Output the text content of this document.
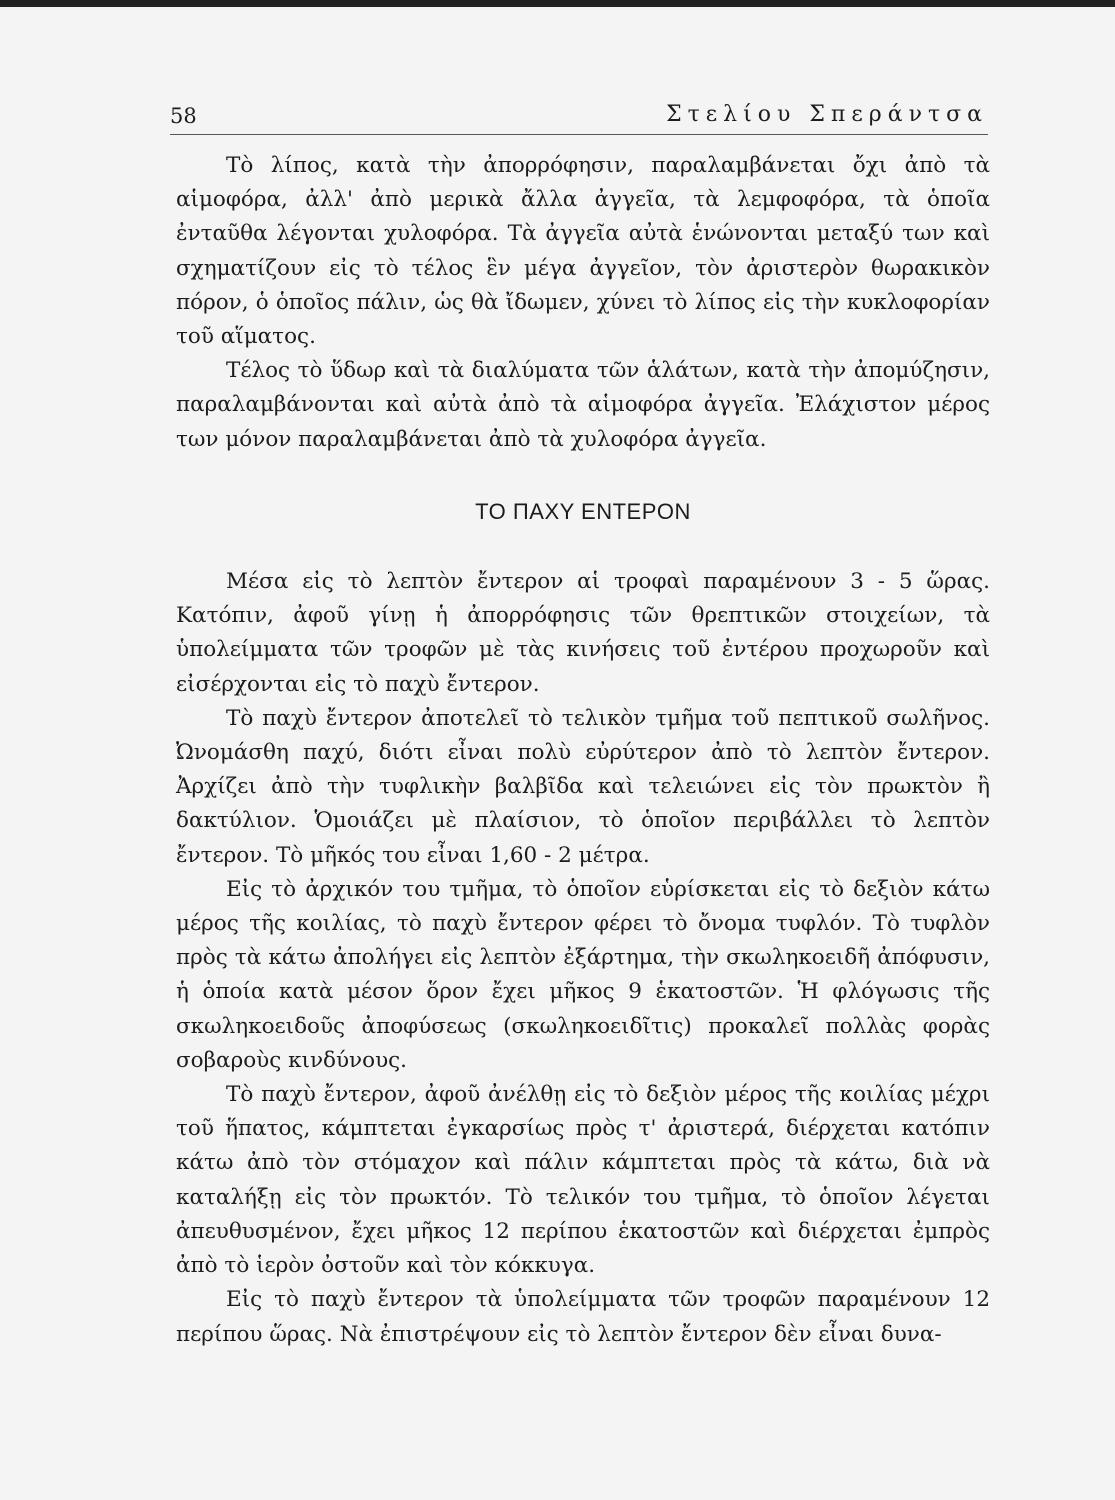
58	Στελίου Σπεράντσα

Τὸ λίπος, κατὰ τὴν ἀπορρόφησιν, παραλαμβάνεται ὄχι ἀπὸ τὰ αἱμοφόρα, ἀλλ' ἀπὸ μερικὰ ἄλλα ἀγγεῖα, τὰ λεμφοφόρα, τὰ ὁποῖα ἐνταῦθα λέγονται χυλοφόρα. Τὰ ἀγγεῖα αὐτὰ ἑνώνονται μεταξύ των καὶ σχηματίζουν εἰς τὸ τέλος ἓν μέγα ἀγγεῖον, τὸν ἀριστερὸν θωρακικὸν πόρον, ὁ ὁποῖος πάλιν, ὡς θὰ ἴδωμεν, χύνει τὸ λίπος εἰς τὴν κυκλοφορίαν τοῦ αἵματος.

Τέλος τὸ ὕδωρ καὶ τὰ διαλύματα τῶν ἁλάτων, κατὰ τὴν ἀπομύζησιν, παραλαμβάνονται καὶ αὐτὰ ἀπὸ τὰ αἱμοφόρα ἀγγεῖα. Ἐλάχιστον μέρος των μόνον παραλαμβάνεται ἀπὸ τὰ χυλοφόρα ἀγγεῖα.

ΤΟ ΠΑΧΥ ΕΝΤΕΡΟΝ

Μέσα εἰς τὸ λεπτὸν ἔντερον αἱ τροφαὶ παραμένουν 3 - 5 ὥρας. Κατόπιν, ἀφοῦ γίνῃ ἡ ἀπορρόφησις τῶν θρεπτικῶν στοιχείων, τὰ ὑπολείμματα τῶν τροφῶν μὲ τὰς κινήσεις τοῦ ἐντέρου προχωροῦν καὶ εἰσέρχονται εἰς τὸ παχὺ ἔντερον.

Τὸ παχὺ ἔντερον ἀποτελεῖ τὸ τελικὸν τμῆμα τοῦ πεπτικοῦ σωλῆνος. Ὠνομάσθη παχύ, διότι εἶναι πολὺ εὐρύτερον ἀπὸ τὸ λεπτὸν ἔντερον. Ἀρχίζει ἀπὸ τὴν τυφλικὴν βαλβῖδα καὶ τελειώνει εἰς τὸν πρωκτὸν ἢ δακτύλιον. Ὁμοιάζει μὲ πλαίσιον, τὸ ὁποῖον περιβάλλει τὸ λεπτὸν ἔντερον. Τὸ μῆκός του εἶναι 1,60 - 2 μέτρα.

Εἰς τὸ ἀρχικόν του τμῆμα, τὸ ὁποῖον εὑρίσκεται εἰς τὸ δεξιὸν κάτω μέρος τῆς κοιλίας, τὸ παχὺ ἔντερον φέρει τὸ ὄνομα τυφλόν. Τὸ τυφλὸν πρὸς τὰ κάτω ἀπολήγει εἰς λεπτὸν ἐξάρτημα, τὴν σκωληκοειδῆ ἀπόφυσιν, ἡ ὁποία κατὰ μέσον ὅρον ἔχει μῆκος 9 ἑκατοστῶν. Ἡ φλόγωσις τῆς σκωληκοειδοῦς ἀποφύσεως (σκωληκοειδῖτις) προκαλεῖ πολλὰς φορὰς σοβαροὺς κινδύνους.

Τὸ παχὺ ἔντερον, ἀφοῦ ἀνέλθῃ εἰς τὸ δεξιὸν μέρος τῆς κοιλίας μέχρι τοῦ ἥπατος, κάμπτεται ἐγκαρσίως πρὸς τ' ἀριστερά, διέρχεται κατόπιν κάτω ἀπὸ τὸν στόμαχον καὶ πάλιν κάμπτεται πρὸς τὰ κάτω, διὰ νὰ καταλήξῃ εἰς τὸν πρωκτόν. Τὸ τελικόν του τμῆμα, τὸ ὁποῖον λέγεται ἀπευθυσμένον, ἔχει μῆκος 12 περίπου ἑκατοστῶν καὶ διέρχεται ἐμπρὸς ἀπὸ τὸ ἱερὸν ὀστοῦν καὶ τὸν κόκκυγα.

Εἰς τὸ παχὺ ἔντερον τὰ ὑπολείμματα τῶν τροφῶν παραμένουν 12 περίπου ὥρας. Νὰ ἐπιστρέψουν εἰς τὸ λεπτὸν ἔντερον δὲν εἶναι δυνα-
